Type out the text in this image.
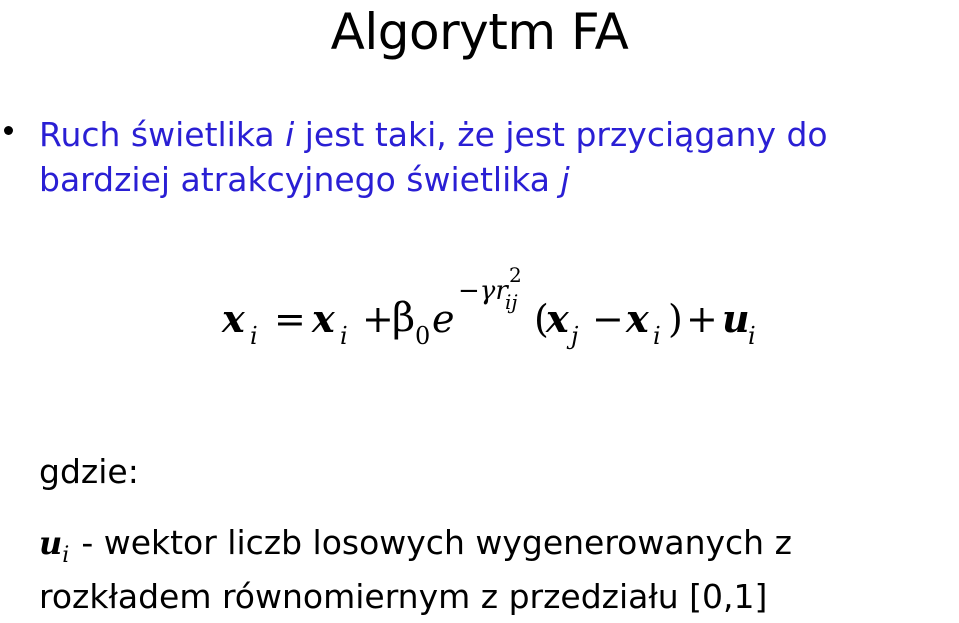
Algorytm FA
Ruch świetlika i jest taki, że jest przyciągany do bardziej atrakcyjnego świetlika j
x i = x i +
β 0 e
−γr
2
ij (
x j − x i ) + u
i
gdzie:
$u_i$ - wektor liczb losowych wygenerowanych z rozkładem równomiernym z przedziału [0,1]
